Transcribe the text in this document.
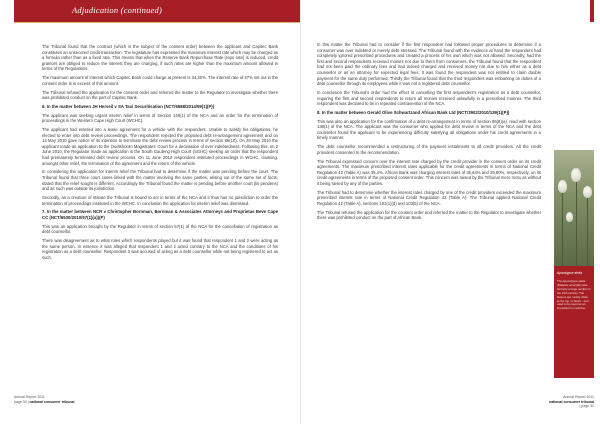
Adjudication (continued)

The Tribunal found that the contract (which is the subject of the consent order) between the applicant and Capitec Bank constitutes an unsecured credit transaction. The legislature has expressed the maximum interest rate which may be charged as a formula rather than as a fixed rate. This means that when the Reserve Bank Repurchase Rate (repo rate) is reduced, credit grantors are obliged to reduce the interest they are charging, if such rates are higher than the maximum amount allowed in terms of the Regulations.

The maximum amount of interest which Capitec Bank could charge at present is 34,30%. The interest rate of 37% set out in the consent order is in excess of this amount.

The Tribunal refused the application for the consent order and referred the matter to the Regulator to investigate whether there was prohibited conduct on the part of Capitec Bank.

6. In the matter between JH Herveil v SA Taxi Securitisation (NCT/6588/2014/59(1)(P))

The applicant was seeking urgent interim relief in terms of Section 149(1) of the NCA and an order for the termination of proceedings in the Western Cape High Court (WCHC).

The applicant had entered into a lease agreement for a vehicle with the respondent. Unable to satisfy his obligations, he elected to enter into debt review proceedings. The respondent rejected the proposed debt re-arrangement agreement and on 14 May 2010 gave notice of its intention to terminate the debt review process in terms of section 86(10). On 28 May 2010 the applicant made an application to the Oudtshoorn Magistrates' Court for a declaration of over indebtedness. Following this, on 2 June 2010, the Regulator made an application in the South Gauteng High Court (SGHC) seeking an order that the respondent had prematurely terminated debt review process. On 11 June 2010 respondent instituted proceedings in WCHC, claiming, amongst other relief, the termination of the agreement and the return of the vehicle.

In considering the application for interim relief the Tribunal had to determine if the matter was pending before the court. The Tribunal found that three court cases linked with the matter involving the same parties, arising out of the same set of facts, stated that the relief sought is different. Accordingly the Tribunal found the matter is pending before another court (lis pendens) and as such was outside its jurisdiction.

Secondly, as a creature of statute the Tribunal is bound to act in terms of the NCA and it thus has no jurisdiction to order the termination of proceedings instituted in the WCHC. In conclusion the application for interim relief was dismissed.

7. In the matter between NCR v Christopher Bornman, Bornman & Associates Attorneys and Proprietas Beve Cape CC (NCT/6530/2010/57(1)(a))(P)

This was an application brought by the Regulator in terms of section 57(1) of the NCA for the cancellation of registration as debt counsellor.

There was disagreement as to what roles which respondents played but it was found that respondent 1 and 2 were acting as the same person. In essence it was alleged that respondent 1 and 2 acted contrary to the NCA and the conditions of his registration as a debt counsellor. Respondent 3 was accused of acting as a debt counsellor while not being registered to act as such.

Annual Report 2011
page 30 | national consumer tribunal

In this matter the Tribunal had to consider if the first respondent had followed proper procedures to determine if a consumer was over indebted or merely debt stressed. The Tribunal found with the evidence at hand the respondent had completely ignored prescribed procedures and created a process of his own which was not allowed. Secondly, had the first and second respondents received monies not due to them from consumers, the Tribunal found that the respondent had not been paid the ordinary fees and had indeed charged and received money not due to him either as a debt counsellor or as an attorney for expected legal fees. It was found the respondent was not entitled to claim double payment for the same duty performed. Thirdly the Tribunal found that the third respondent was embarking on duties of a debt counsellor through its employees while it was not a registered debt counsellor.

In conclusion the Tribunal's order had the effect of cancelling the first respondent's registration as a debt counsellor, requiring the first and second respondents to return all monies received unlawfully in a prescribed manner. The third respondent was declared to be in repeated contravention of the NCA.

8. In the matter between Gerald Olive Schwartzand African Bank Ltd (NCT/3902/2010/139(1)(P))

This was also an application for the confirmation of a debt re-arrangement in terms of section 86(8)(a), read with section 138(1) of the NCA. The applicant was the consumer who applied for debt review in terms of the NCA and the debt counsellor found the applicant to be experiencing difficulty satisfying all obligations under his credit agreements in a timely manner.

The debt counsellor recommended a restructuring of the payment instalments to all credit providers. All the credit providers consented to the recommendation.

The Tribunal expressed concern over the interest rate charged by the credit provider in the consent order on its credit agreements. The maximum prescribed interest rates applicable for the credit agreements in terms of National Credit Regulation 42 (Table A) was 35,4%. African Bank was charging interest rates of 35,64% and 39,80%, respectively, on its credit agreements in terms of the proposed consent order. This concern was raised by the Tribunal mero motu as without it being raised by any of the parties.

The Tribunal had to determine whether the interest rates charged by one of the credit providers exceeded the maximum prescribed interest rate in terms of National Credit Regulation 42 (Table A). The Tribunal applied National Credit Regulation 42 (Table A), sections 101(1)(d) and 103(5) of the NCA.

The Tribunal refused the application for the consent order and referred the matter to the Regulator to investigate whether there was prohibited conduct on the part of African Bank.

Apocalypse atella
The Apocalypse atella (Mabeku amaryllis) was formerly a large number in the 19th century. The flowers are mostly white at the top, or blush - and used to be used as an ingredient in medicine.
Annual Report 2011
national consumer tribunal | page 31
